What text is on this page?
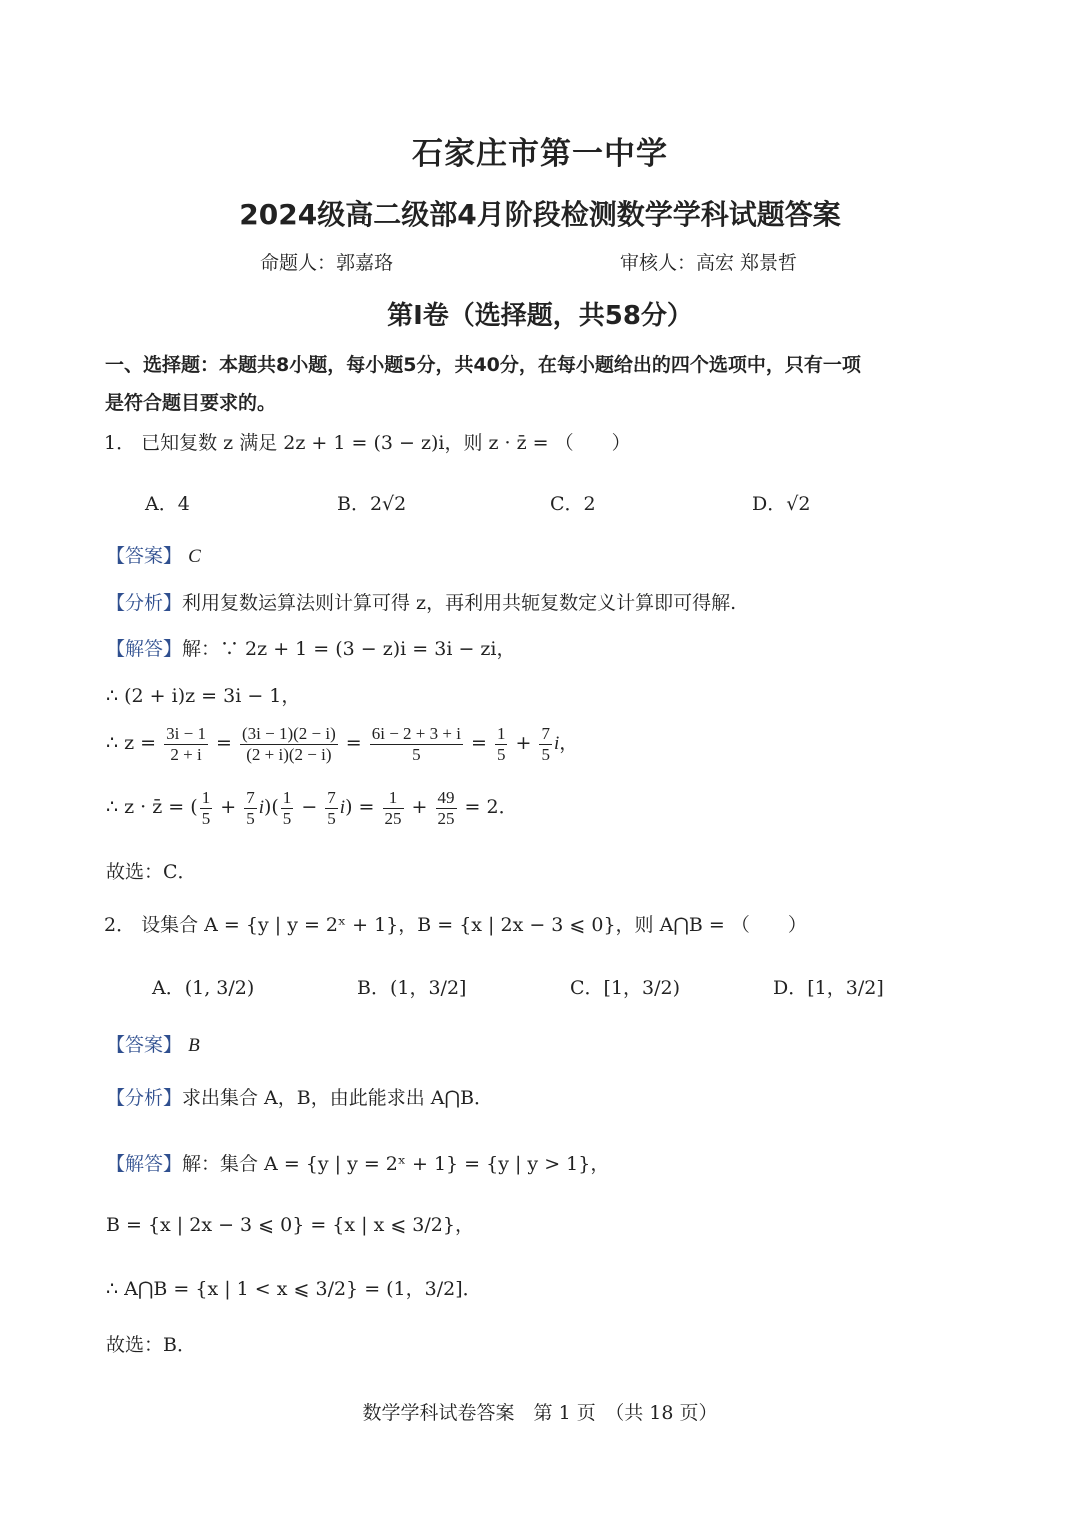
石家庄市第一中学
2024级高二级部4月阶段检测数学学科试题答案
命题人：郭嘉珞	审核人：高宏 郑景哲
第Ⅰ卷（选择题，共58分）
一、选择题：本题共8小题，每小题5分，共40分，在每小题给出的四个选项中，只有一项
是符合题目要求的。
1． 已知复数 z 满足 2z + 1 = (3 − z)i，则 z · z̄ = （　　）
A．4	B．2√2	C．2	D．√2
【答案】 C
【分析】利用复数运算法则计算可得 z，再利用共轭复数定义计算即可得解.
【解答】解：∵ 2z + 1 = (3 − z)i = 3i − zi，
∴ (2 + i)z = 3i − 1，
∴ $z = \frac{3i - 1}{2 + i} = \frac{(3i - 1)(2 - i)}{(2 + i)(2 - i)} = \frac{6i - 2 + 3 + i}{5} = \frac{1}{5} + \frac{7}{5}$ i，
∴ z · z̄ = ( $\frac{1}{5} + \frac{7}{5} i)( \frac{1}{5} - \frac{7}{5} i) = \frac{1}{25} + \frac{49}{25} = 2$．
故选：C．
2． 设集合 A = {y | y = 2ˣ + 1}，B = {x | 2x − 3 ⩽ 0}，则 A⋂B = （　　）
A．(1, 3/2)	B．(1，3/2]	C．[1，3/2)	D．[1，3/2]
【答案】 B
【分析】求出集合 A，B，由此能求出 A⋂B．
【解答】解：集合 A = {y | y = 2ˣ + 1} = {y | y > 1}，
B = {x | 2x − 3 ⩽ 0} = {x | x ⩽ 3/2}，
∴ A⋂B = {x | 1 < x ⩽ 3/2} = (1，3/2]．
故选：B．
数学学科试卷答案　第 1 页　（共 18 页）
